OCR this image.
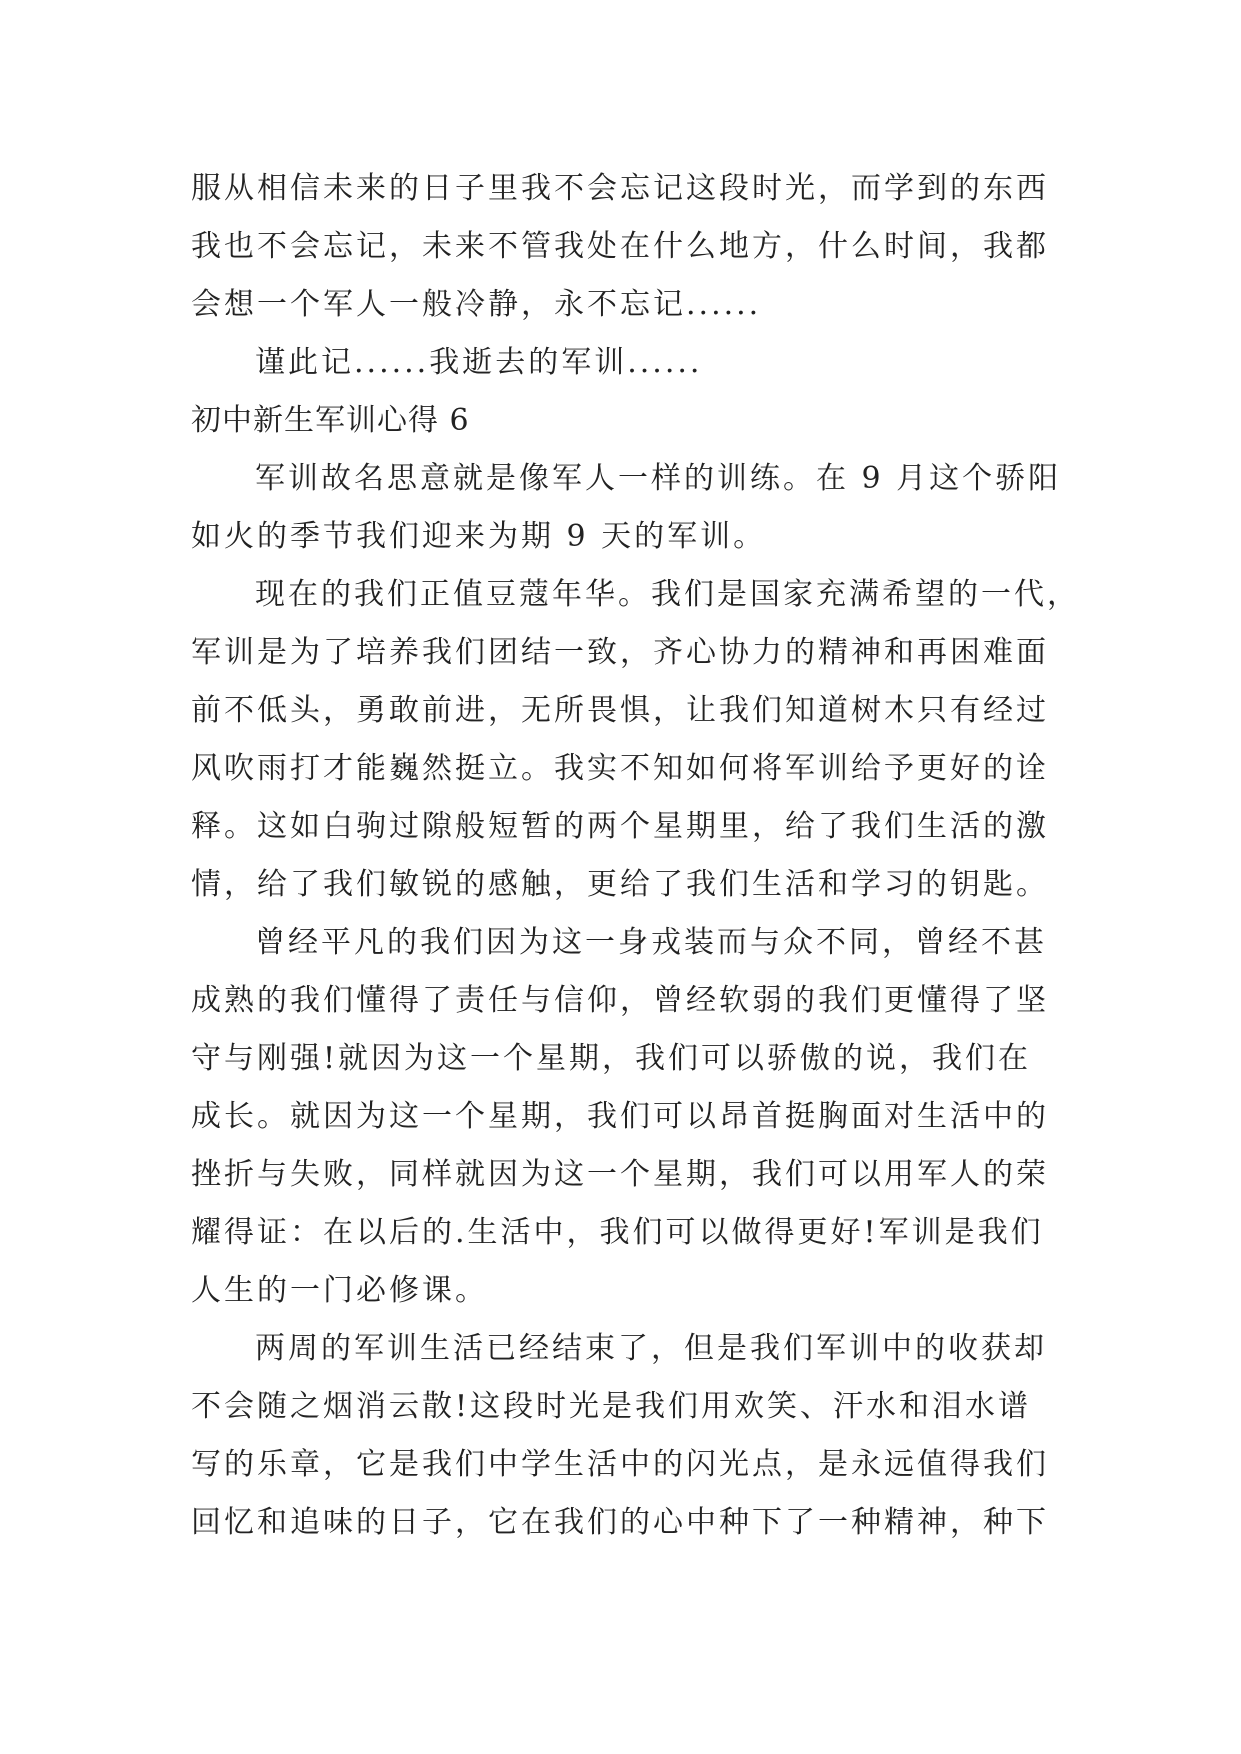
服从相信未来的日子里我不会忘记这段时光，而学到的东西
我也不会忘记，未来不管我处在什么地方，什么时间，我都
会想一个军人一般冷静，永不忘记......
谨此记......我逝去的军训......
初中新生军训心得 6
军训故名思意就是像军人一样的训练。在 9 月这个骄阳
如火的季节我们迎来为期 9 天的军训。
现在的我们正值豆蔻年华。我们是国家充满希望的一代，
军训是为了培养我们团结一致，齐心协力的精神和再困难面
前不低头，勇敢前进，无所畏惧，让我们知道树木只有经过
风吹雨打才能巍然挺立。我实不知如何将军训给予更好的诠
释。这如白驹过隙般短暂的两个星期里，给了我们生活的激
情，给了我们敏锐的感触，更给了我们生活和学习的钥匙。
曾经平凡的我们因为这一身戎装而与众不同，曾经不甚
成熟的我们懂得了责任与信仰，曾经软弱的我们更懂得了坚
守与刚强!就因为这一个星期，我们可以骄傲的说，我们在
成长。就因为这一个星期，我们可以昂首挺胸面对生活中的
挫折与失败，同样就因为这一个星期，我们可以用军人的荣
耀得证：在以后的.生活中，我们可以做得更好!军训是我们
人生的一门必修课。
两周的军训生活已经结束了，但是我们军训中的收获却
不会随之烟消云散!这段时光是我们用欢笑、汗水和泪水谱
写的乐章，它是我们中学生活中的闪光点，是永远值得我们
回忆和追味的日子，它在我们的心中种下了一种精神，种下
